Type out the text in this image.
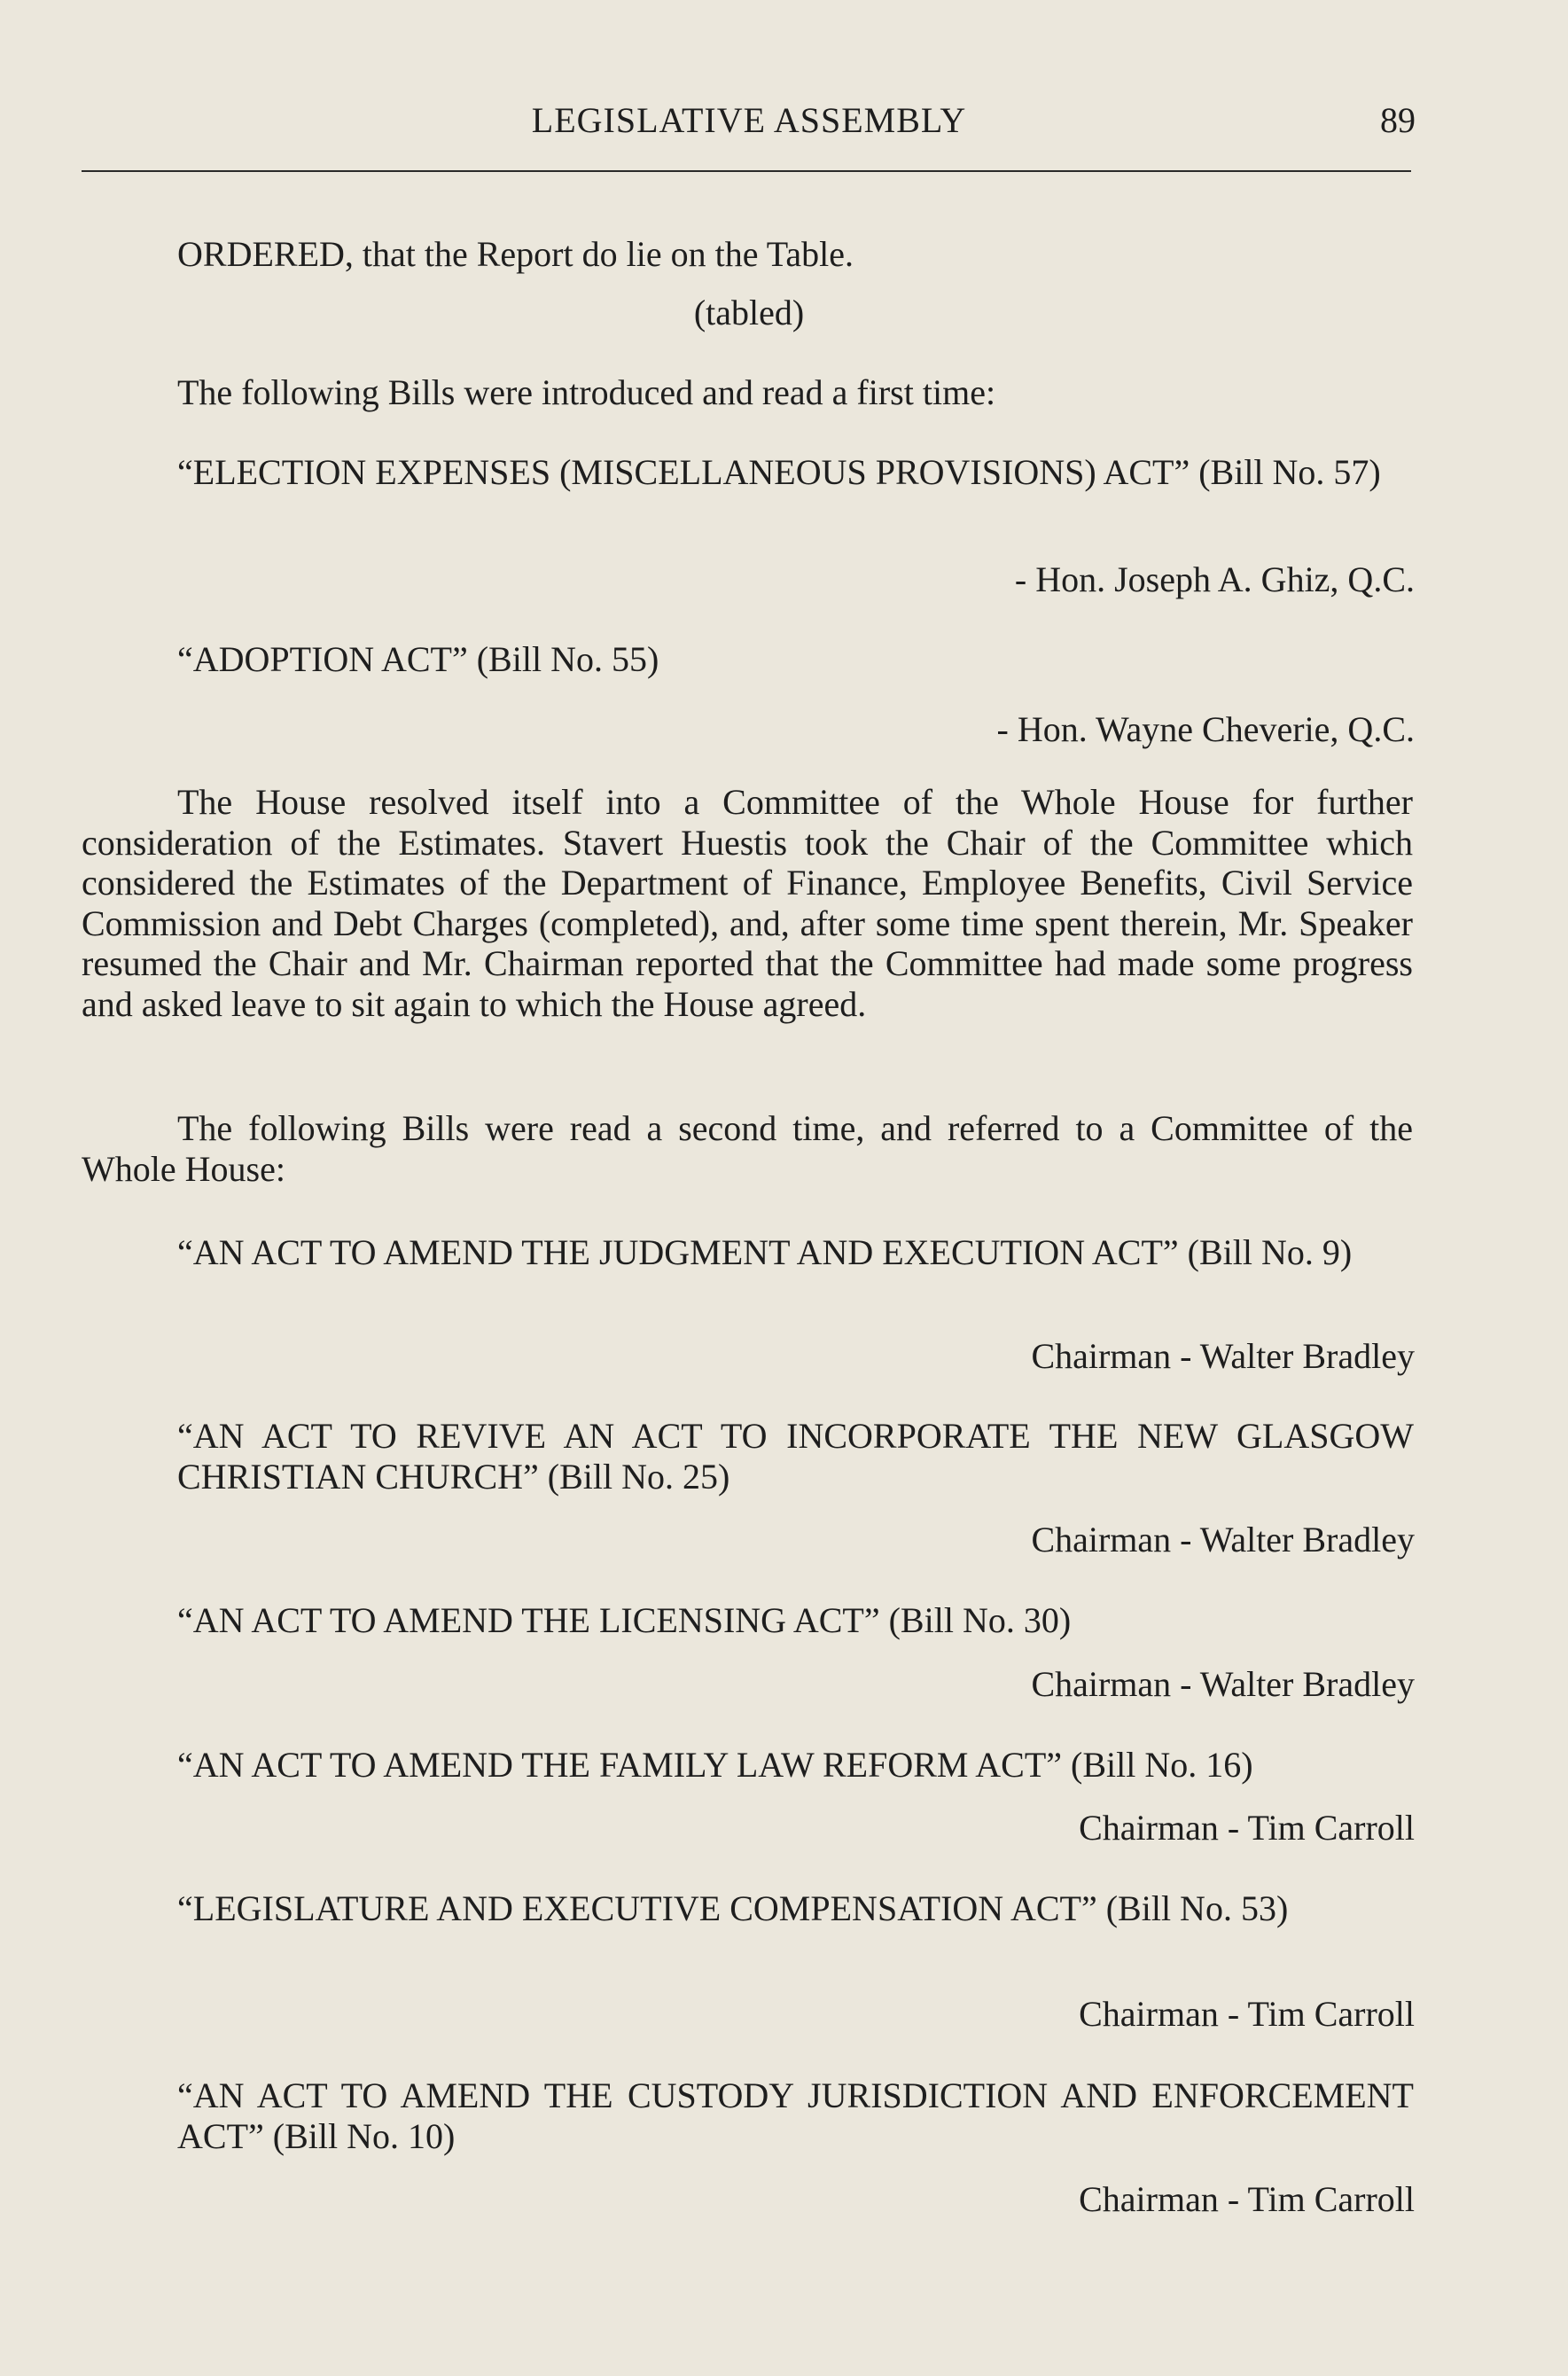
LEGISLATIVE ASSEMBLY	89
ORDERED, that the Report do lie on the Table.
(tabled)
The following Bills were introduced and read a first time:
“ELECTION EXPENSES (MISCELLANEOUS PROVISIONS) ACT” (Bill No. 57)
- Hon. Joseph A. Ghiz, Q.C.
“ADOPTION ACT” (Bill No. 55)
- Hon. Wayne Cheverie, Q.C.
The House resolved itself into a Committee of the Whole House for further consideration of the Estimates. Stavert Huestis took the Chair of the Committee which considered the Estimates of the Department of Finance, Employee Benefits, Civil Service Commission and Debt Charges (completed), and, after some time spent therein, Mr. Speaker resumed the Chair and Mr. Chairman reported that the Committee had made some progress and asked leave to sit again to which the House agreed.
The following Bills were read a second time, and referred to a Committee of the Whole House:
“AN ACT TO AMEND THE JUDGMENT AND EXECUTION ACT” (Bill No. 9)
Chairman - Walter Bradley
“AN ACT TO REVIVE AN ACT TO INCORPORATE THE NEW GLASGOW CHRISTIAN CHURCH” (Bill No. 25)
Chairman - Walter Bradley
“AN ACT TO AMEND THE LICENSING ACT” (Bill No. 30)
Chairman - Walter Bradley
“AN ACT TO AMEND THE FAMILY LAW REFORM ACT” (Bill No. 16)
Chairman - Tim Carroll
“LEGISLATURE AND EXECUTIVE COMPENSATION ACT” (Bill No. 53)
Chairman - Tim Carroll
“AN ACT TO AMEND THE CUSTODY JURISDICTION AND ENFORCEMENT ACT” (Bill No. 10)
Chairman - Tim Carroll
